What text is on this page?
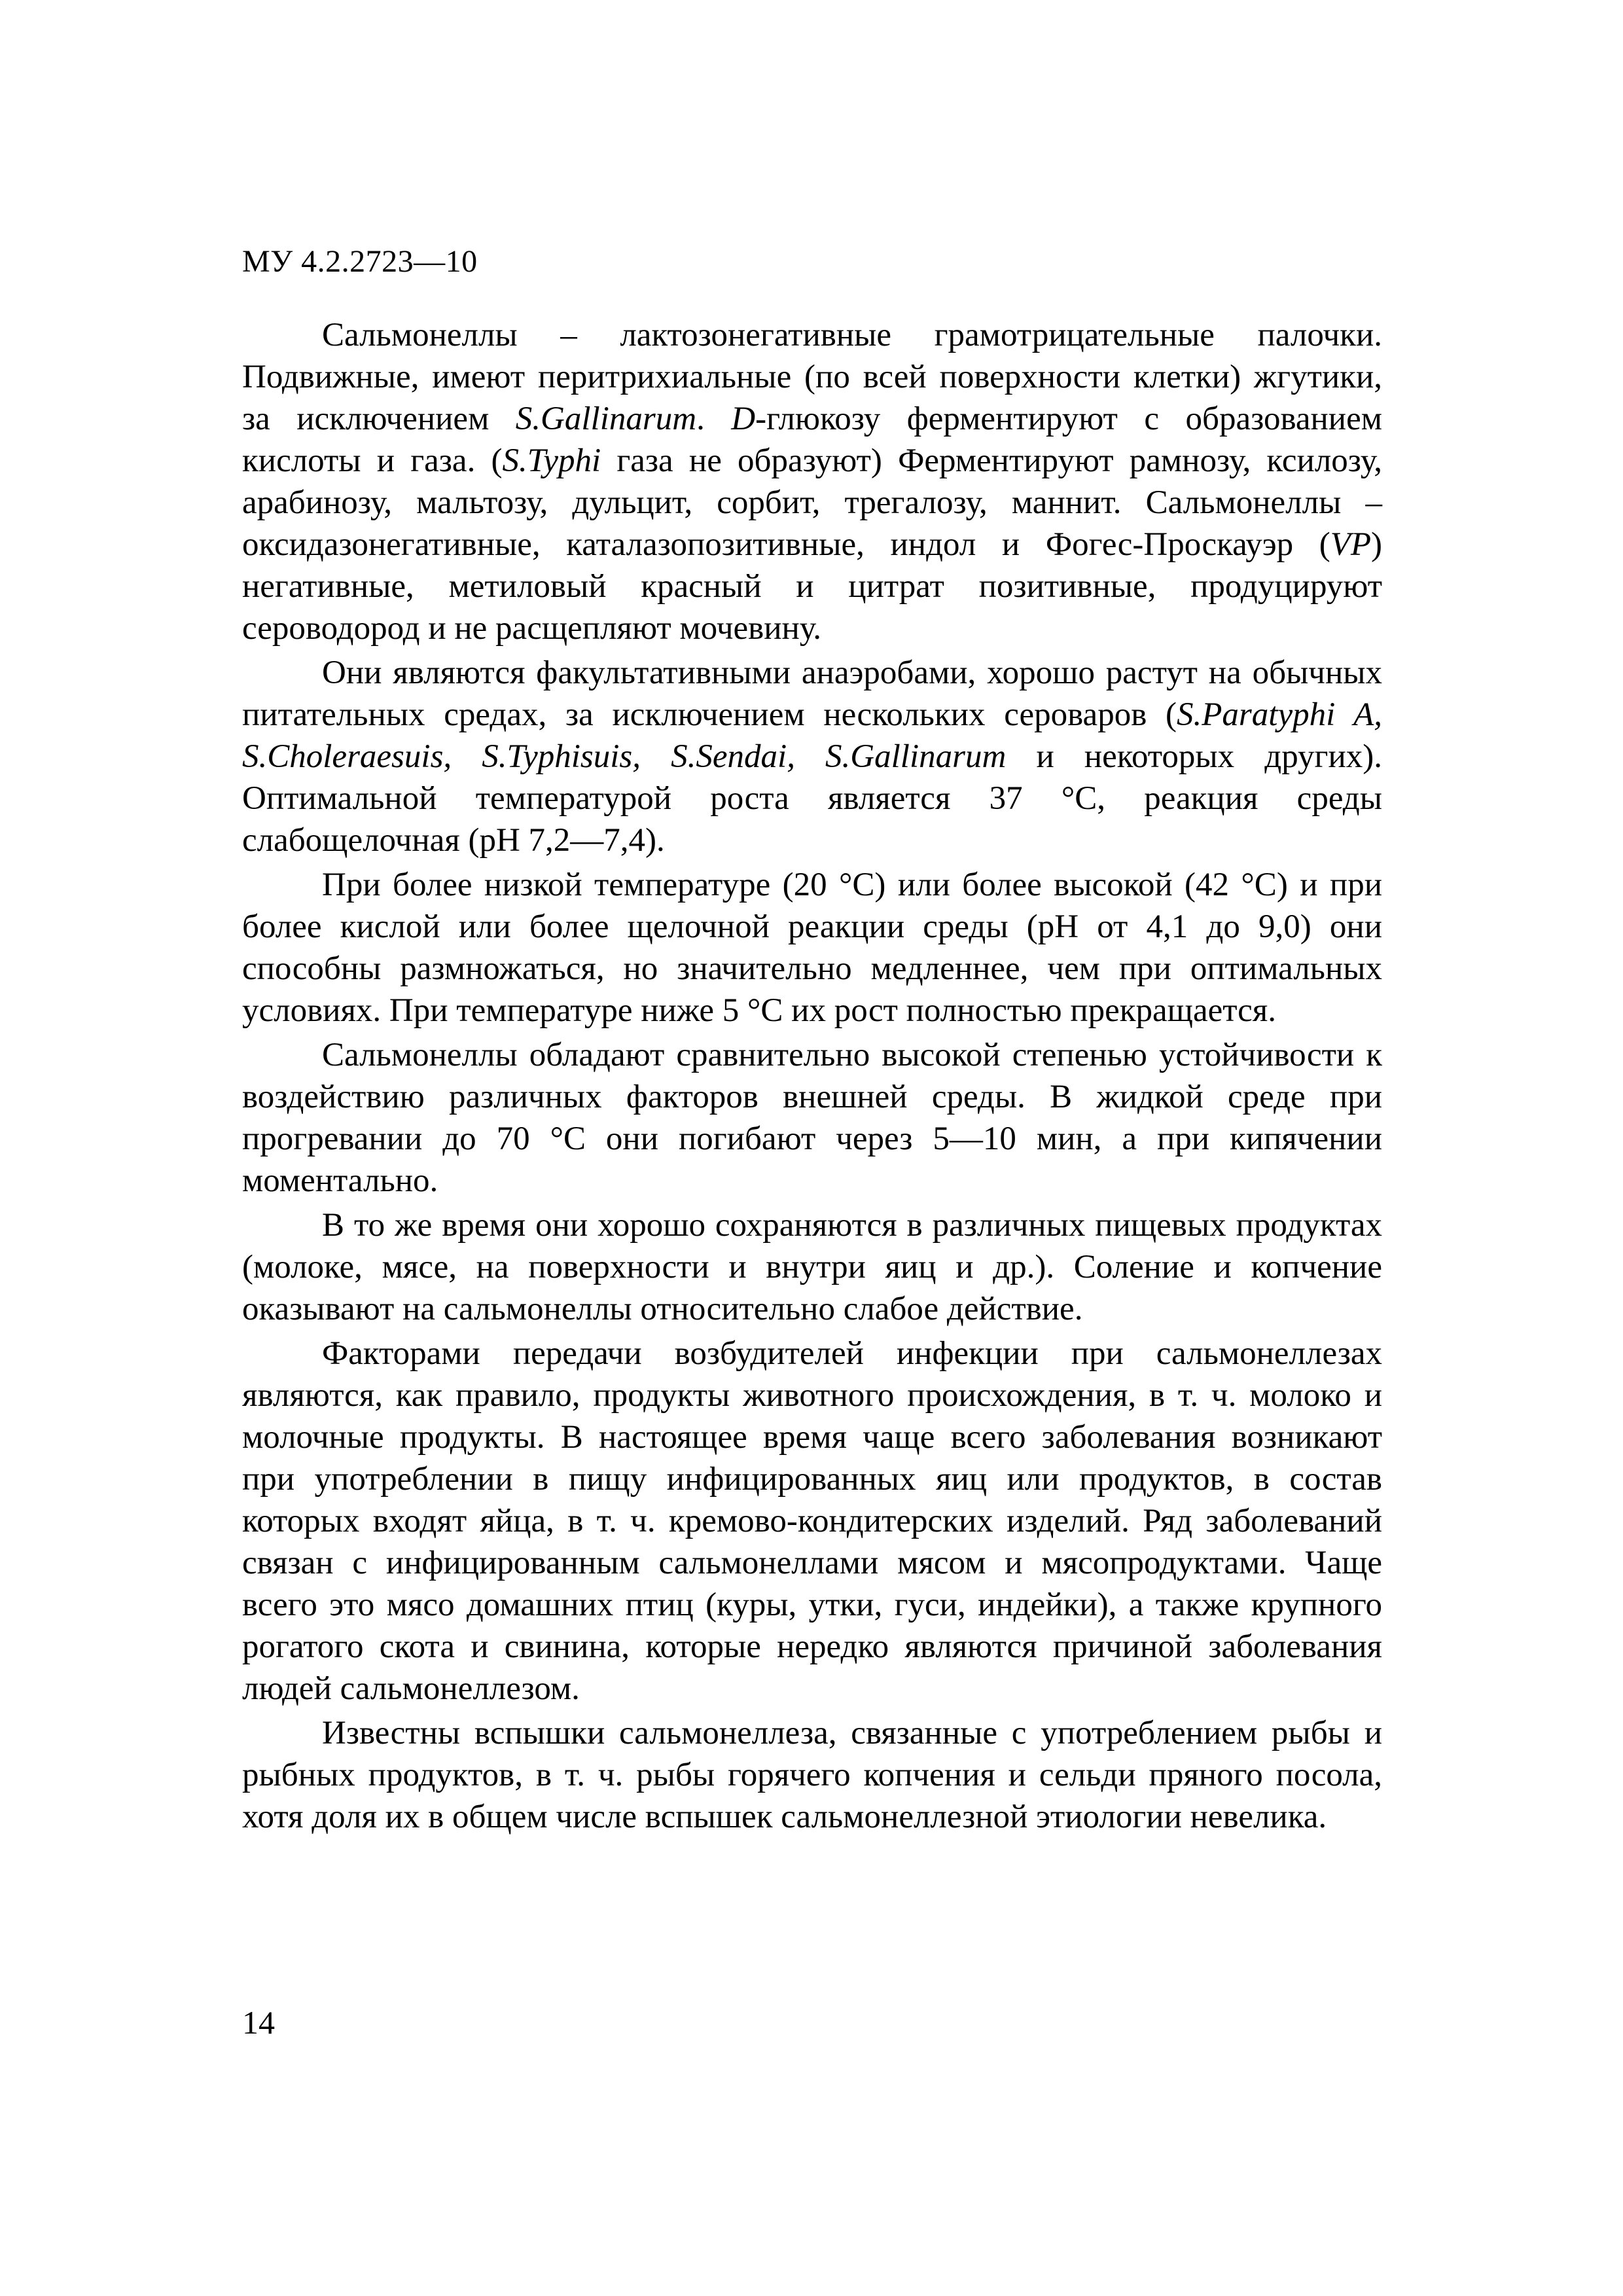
МУ 4.2.2723—10

Сальмонеллы – лактозонегативные грамотрицательные палочки. Подвижные, имеют перитрихиальные (по всей поверхности клетки) жгутики, за исключением S.Gallinarum. D-глюкозу ферментируют с образованием кислоты и газа. (S.Typhi газа не образуют) Ферментируют рамнозу, ксилозу, арабинозу, мальтозу, дульцит, сорбит, трегалозу, маннит. Сальмонеллы – оксидазонегативные, каталазопозитивные, индол и Фогес-Проскауэр (VP) негативные, метиловый красный и цитрат позитивные, продуцируют сероводород и не расщепляют мочевину.

Они являются факультативными анаэробами, хорошо растут на обычных питательных средах, за исключением нескольких сероваров (S.Paratyphi A, S.Choleraesuis, S.Typhisuis, S.Sendai, S.Gallinarum и некоторых других). Оптимальной температурой роста является 37 °С, реакция среды слабощелочная (pH 7,2—7,4).

При более низкой температуре (20 °С) или более высокой (42 °С) и при более кислой или более щелочной реакции среды (pH от 4,1 до 9,0) они способны размножаться, но значительно медленнее, чем при оптимальных условиях. При температуре ниже 5 °С их рост полностью прекращается.

Сальмонеллы обладают сравнительно высокой степенью устойчивости к воздействию различных факторов внешней среды. В жидкой среде при прогревании до 70 °С они погибают через 5—10 мин, а при кипячении моментально.

В то же время они хорошо сохраняются в различных пищевых продуктах (молоке, мясе, на поверхности и внутри яиц и др.). Соление и копчение оказывают на сальмонеллы относительно слабое действие.

Факторами передачи возбудителей инфекции при сальмонеллезах являются, как правило, продукты животного происхождения, в т. ч. молоко и молочные продукты. В настоящее время чаще всего заболевания возникают при употреблении в пищу инфицированных яиц или продуктов, в состав которых входят яйца, в т. ч. кремово-кондитерских изделий. Ряд заболеваний связан с инфицированным сальмонеллами мясом и мясопродуктами. Чаще всего это мясо домашних птиц (куры, утки, гуси, индейки), а также крупного рогатого скота и свинина, которые нередко являются причиной заболевания людей сальмонеллезом.

Известны вспышки сальмонеллеза, связанные с употреблением рыбы и рыбных продуктов, в т. ч. рыбы горячего копчения и сельди пряного посола, хотя доля их в общем числе вспышек сальмонеллезной этиологии невелика.

14
